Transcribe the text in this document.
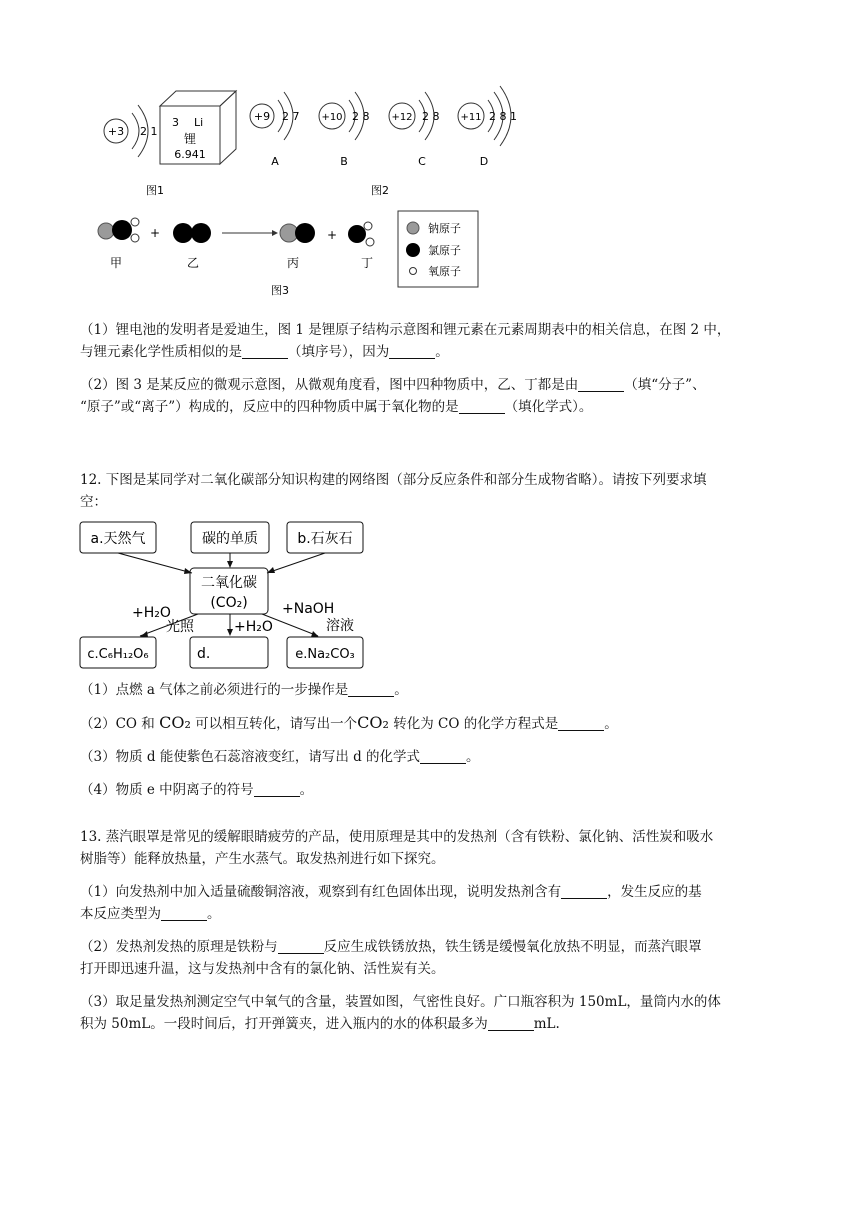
+3 2 1
3 Li
锂
6.941
图1
+9 2 7
A
+10 2 8
B
+12 2 8
C
+11 2 8 1
D
图2
+	+
甲	乙	丙	丁
图3
钠原子
氯原子
氧原子

（1）锂电池的发明者是爱迪生，图 1 是锂原子结构示意图和锂元素在元素周期表中的相关信息，在图 2 中，

与锂元素化学性质相似的是	（填序号），因为	。

（2）图 3 是某反应的微观示意图，从微观角度看，图中四种物质中，乙、丁都是由	（填“分子”、

“原子”或“离子”）构成的，反应中的四种物质中属于氧化物的是	（填化学式）。

12. 下图是某同学对二氧化碳部分知识构建的网络图（部分反应条件和部分生成物省略）。请按下列要求填

空：

a.天然气	碳的单质	b.石灰石
二氧化碳
(CO₂)
+H₂O
光照	+H₂O
+NaOH
溶液
c.C₆H₁₂O₆	d.	e.Na₂CO₃

（1）点燃 a 气体之前必须进行的一步操作是	。

（2）CO 和 CO₂ 可以相互转化，请写出一个CO₂ 转化为 CO 的化学方程式是	。

（3）物质 d 能使紫色石蕊溶液变红，请写出 d 的化学式	。

（4）物质 e 中阴离子的符号	。

13. 蒸汽眼罩是常见的缓解眼睛疲劳的产品，使用原理是其中的发热剂（含有铁粉、氯化钠、活性炭和吸水

树脂等）能释放热量，产生水蒸气。取发热剂进行如下探究。

（1）向发热剂中加入适量硫酸铜溶液，观察到有红色固体出现，说明发热剂含有	，发生反应的基

本反应类型为	。

（2）发热剂发热的原理是铁粉与	反应生成铁锈放热，铁生锈是缓慢氧化放热不明显，而蒸汽眼罩

打开即迅速升温，这与发热剂中含有的氯化钠、活性炭有关。

（3）取足量发热剂测定空气中氧气的含量，装置如图，气密性良好。广口瓶容积为 150mL，量筒内水的体

积为 50mL。一段时间后，打开弹簧夹，进入瓶内的水的体积最多为	mL.
